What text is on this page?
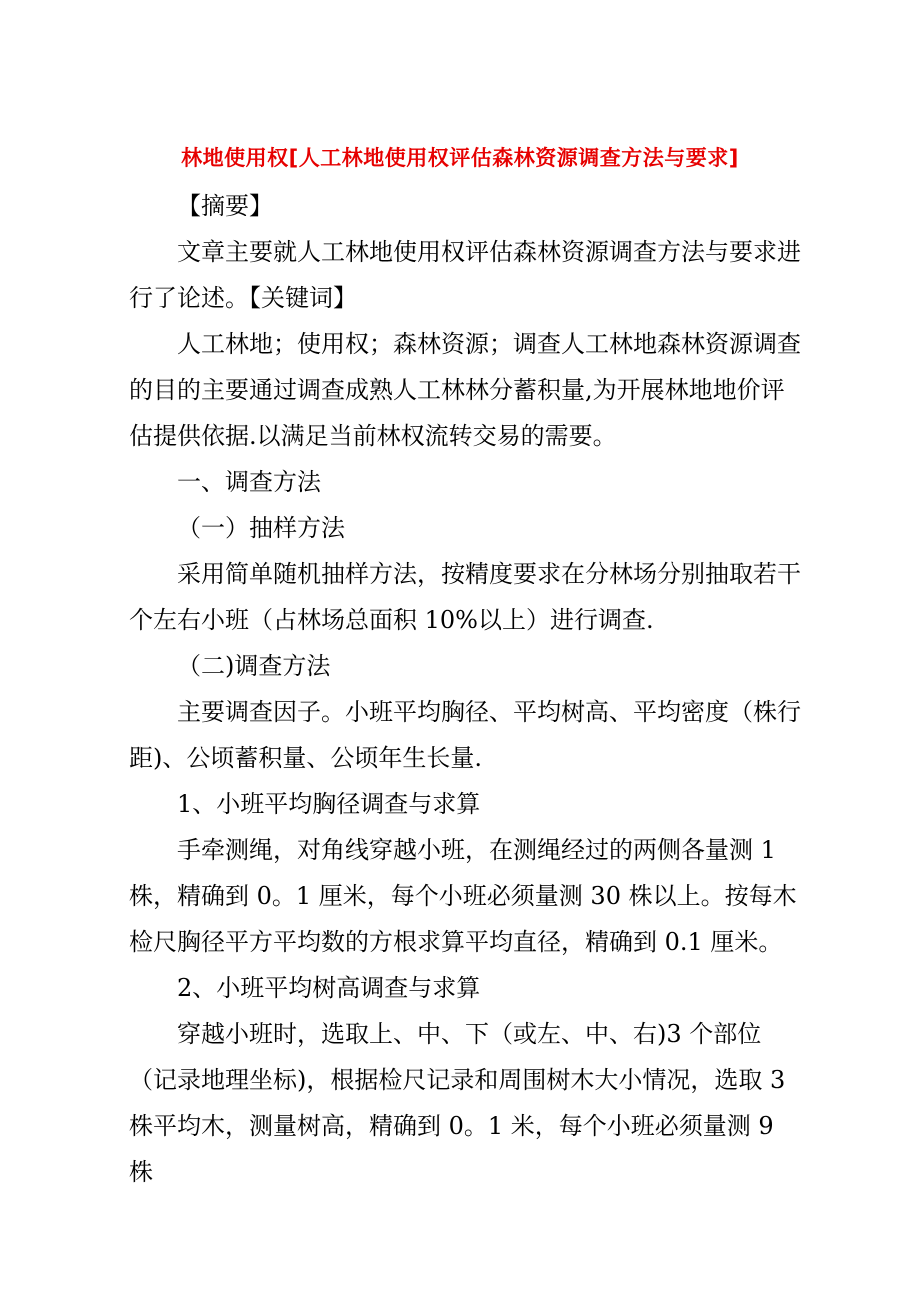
林地使用权[人工林地使用权评估森林资源调查方法与要求]

【摘要】

文章主要就人工林地使用权评估森林资源调查方法与要求进行了论述。【关键词】

人工林地；使用权；森林资源；调查人工林地森林资源调查的目的主要通过调查成熟人工林林分蓄积量,为开展林地地价评估提供依据.以满足当前林权流转交易的需要。

一、调查方法

（一）抽样方法

采用简单随机抽样方法，按精度要求在分林场分别抽取若干个左右小班（占林场总面积 10%以上）进行调查.

（二)调查方法

主要调查因子。小班平均胸径、平均树高、平均密度（株行距)、公顷蓄积量、公顷年生长量.

1、小班平均胸径调查与求算

手牵测绳，对角线穿越小班，在测绳经过的两侧各量测 1 株，精确到 0。1 厘米，每个小班必须量测 30 株以上。按每木检尺胸径平方平均数的方根求算平均直径，精确到 0.1 厘米。

2、小班平均树高调查与求算

穿越小班时，选取上、中、下（或左、中、右)3 个部位（记录地理坐标)，根据检尺记录和周围树木大小情况，选取 3 株平均木，测量树高，精确到 0。1 米，每个小班必须量测 9 株
